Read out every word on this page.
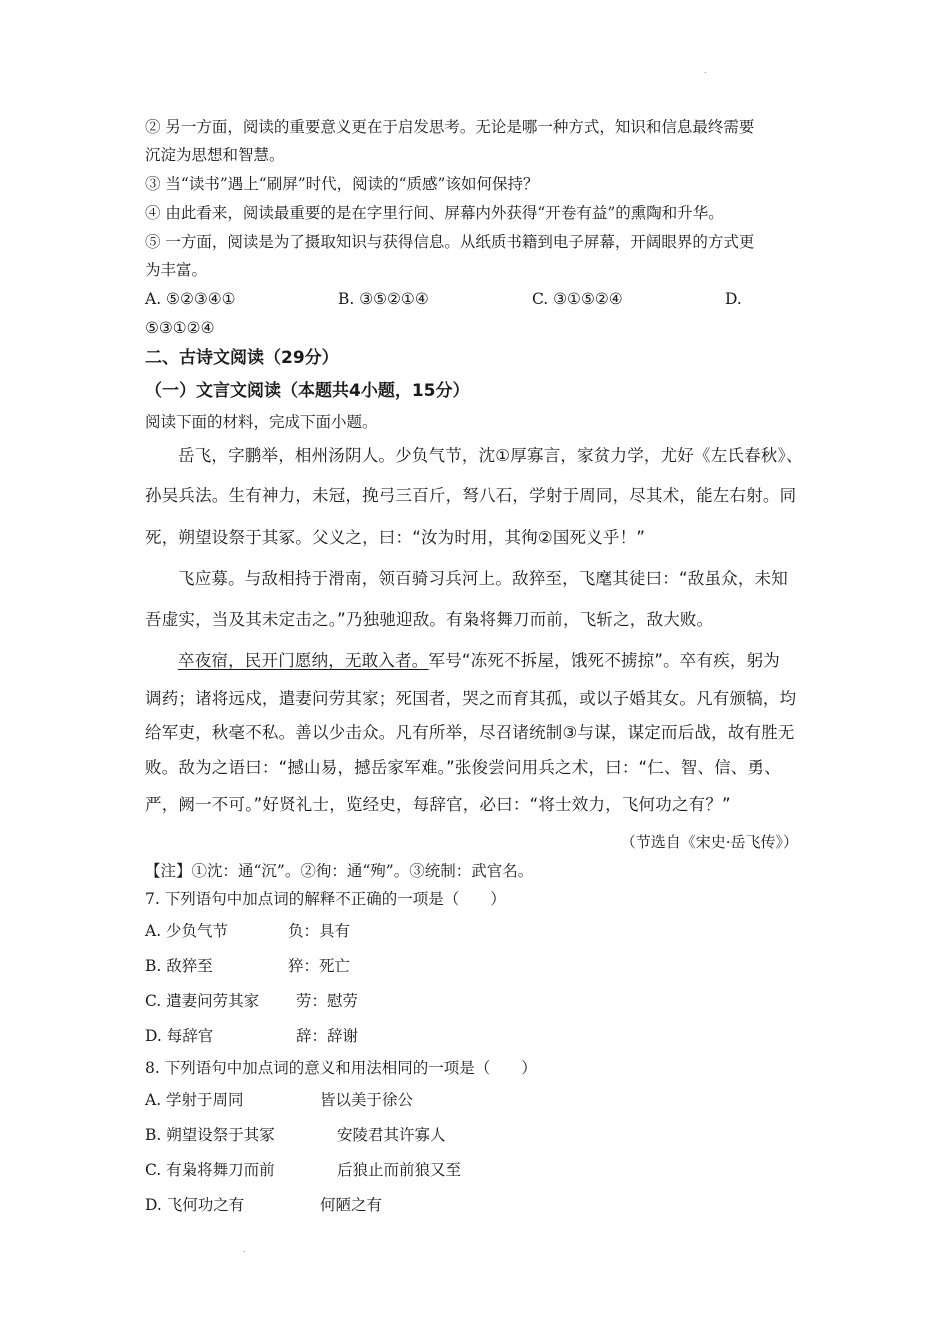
.
② 另一方面，阅读的重要意义更在于启发思考。无论是哪一种方式，知识和信息最终需要
沉淀为思想和智慧。
③ 当“读书”遇上“刷屏”时代，阅读的“质感”该如何保持？
④ 由此看来，阅读最重要的是在字里行间、屏幕内外获得“开卷有益”的熏陶和升华。
⑤ 一方面，阅读是为了摄取知识与获得信息。从纸质书籍到电子屏幕，开阔眼界的方式更
为丰富。
A. ⑤②③④①	B. ③⑤②①④	C. ③①⑤②④	D.
⑤③①②④
二、古诗文阅读（29分）
（一）文言文阅读（本题共4小题，15分）
阅读下面的材料，完成下面小题。
岳飞，字鹏举，相州汤阴人。少负气节，沈①厚寡言，家贫力学，尤好《左氏春秋》、
孙吴兵法。生有神力，未冠，挽弓三百斤，弩八石，学射于周同，尽其术，能左右射。同
死，朔望设祭于其冢。父义之，曰：“汝为时用，其徇②国死义乎！”
飞应募。与敌相持于滑南，领百骑习兵河上。敌猝至，飞麾其徒曰：“敌虽众，未知
吾虚实，当及其未定击之。”乃独驰迎敌。有枭将舞刀而前，飞斩之，敌大败。
卒夜宿，民开门愿纳，无敢入者。军号“冻死不拆屋，饿死不掳掠”。卒有疾，躬为
调药；诸将远戍，遣妻问劳其家；死国者，哭之而育其孤，或以子婚其女。凡有颁犒，均
给军吏，秋毫不私。善以少击众。凡有所举，尽召诸统制③与谋，谋定而后战，故有胜无
败。敌为之语曰：“撼山易，撼岳家军难。”张俊尝问用兵之术，曰：“仁、智、信、勇、
严，阙一不可。”好贤礼士，览经史，每辞官，必曰：“将士效力，飞何功之有？”
（节选自《宋史·岳飞传》）
【注】①沈：通“沉”。②徇：通“殉”。③统制：武官名。
7. 下列语句中加点词的解释不正确的一项是（　　）
A. 少负气节	负：具有
B. 敌猝至	猝：死亡
C. 遣妻问劳其家 劳：慰劳
D. 每辞官	辞：辞谢
8. 下列语句中加点词的意义和用法相同的一项是（　　）
A. 学射于周同	皆以美于徐公
B. 朔望设祭于其冢	安陵君其许寡人
C. 有枭将舞刀而前	后狼止而前狼又至
D. 飞何功之有	何陋之有
.
